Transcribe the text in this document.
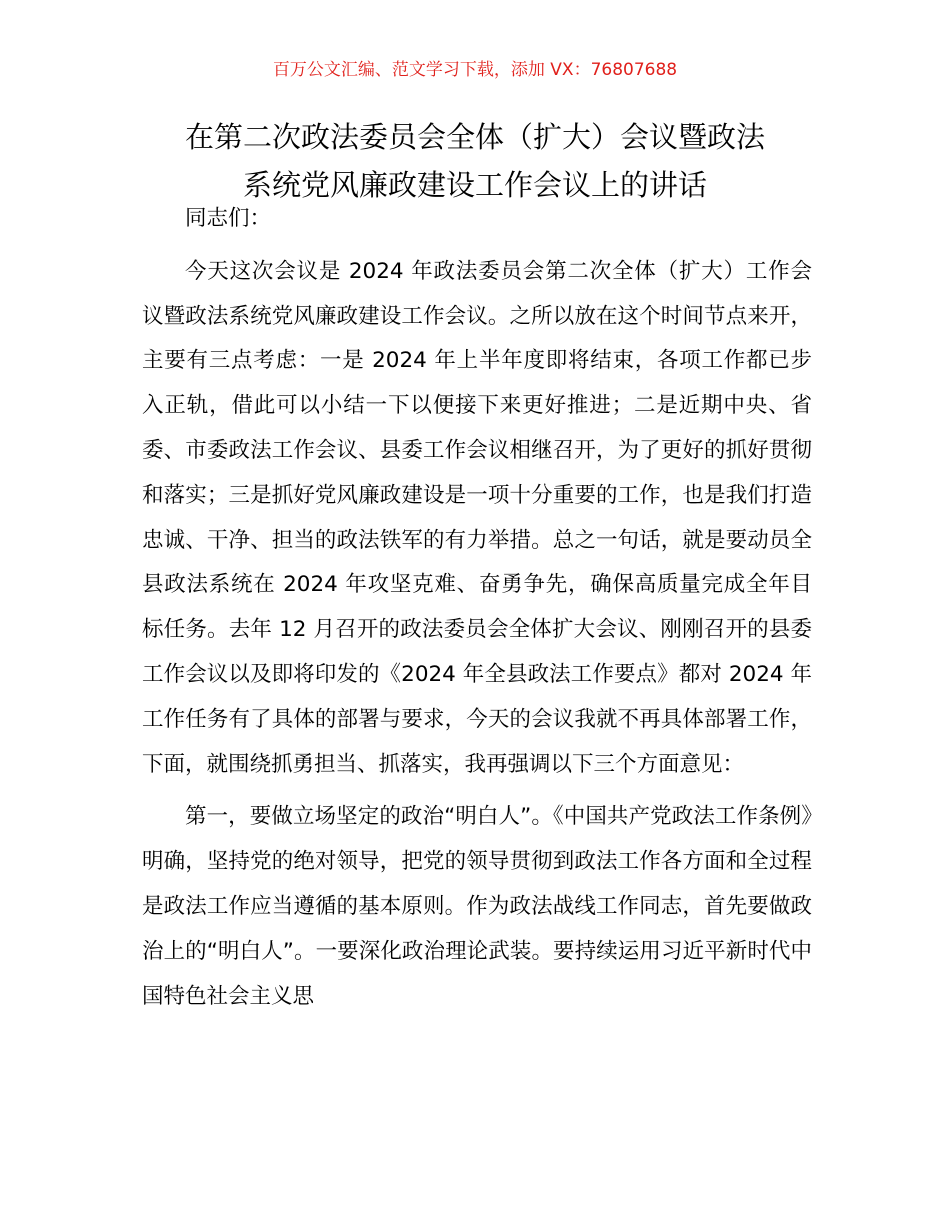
百万公文汇编、范文学习下载，添加 VX：76807688
在第二次政法委员会全体（扩大）会议暨政法
系统党风廉政建设工作会议上的讲话

同志们：

今天这次会议是 2024 年政法委员会第二次全体（扩大）工作会议暨政法系统党风廉政建设工作会议。之所以放在这个时间节点来开，主要有三点考虑：一是 2024 年上半年度即将结束，各项工作都已步入正轨，借此可以小结一下以便接下来更好推进；二是近期中央、省委、市委政法工作会议、县委工作会议相继召开，为了更好的抓好贯彻和落实；三是抓好党风廉政建设是一项十分重要的工作，也是我们打造忠诚、干净、担当的政法铁军的有力举措。总之一句话，就是要动员全县政法系统在 2024 年攻坚克难、奋勇争先，确保高质量完成全年目标任务。去年 12 月召开的政法委员会全体扩大会议、刚刚召开的县委工作会议以及即将印发的《2024 年全县政法工作要点》都对 2024 年工作任务有了具体的部署与要求，今天的会议我就不再具体部署工作，下面，就围绕抓勇担当、抓落实，我再强调以下三个方面意见：

第一，要做立场坚定的政治“明白人”。《中国共产党政法工作条例》明确，坚持党的绝对领导，把党的领导贯彻到政法工作各方面和全过程是政法工作应当遵循的基本原则。作为政法战线工作同志，首先要做政治上的“明白人”。一要深化政治理论武装。要持续运用习近平新时代中国特色社会主义思
